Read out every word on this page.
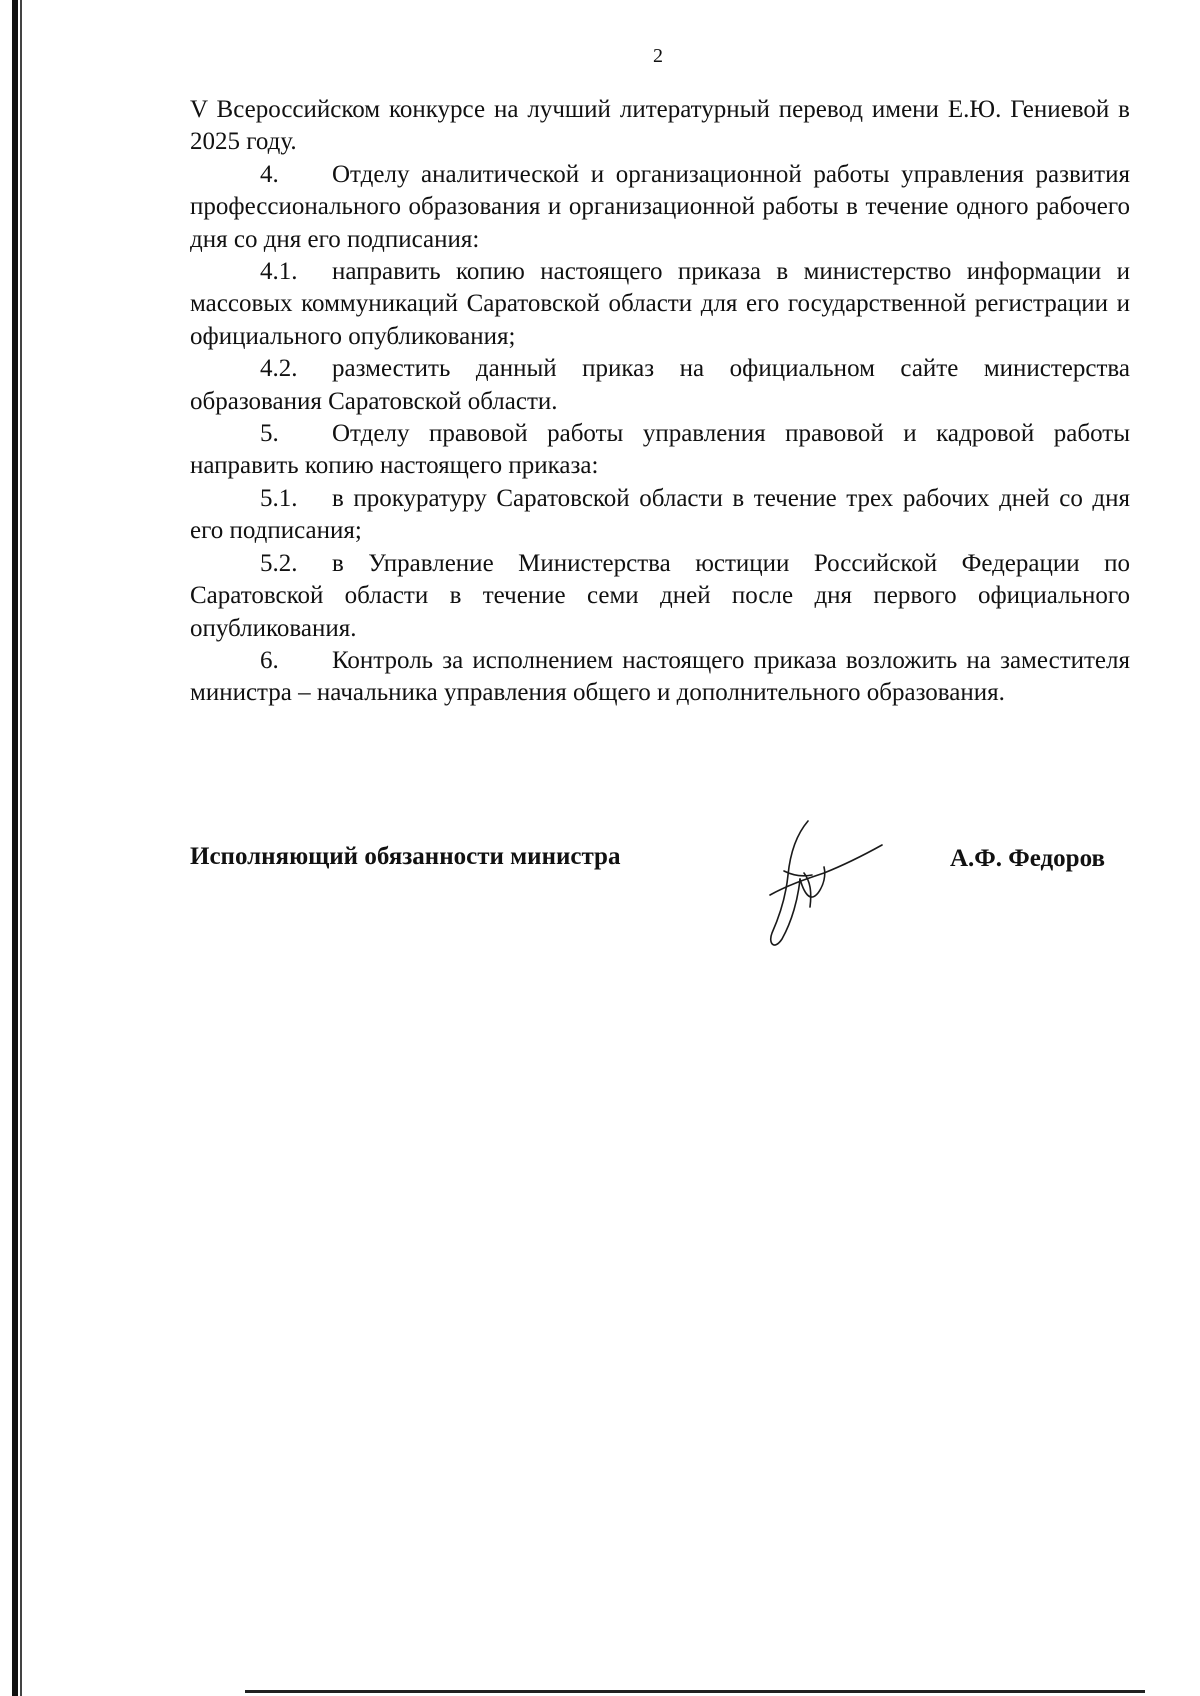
2

V Всероссийском конкурсе на лучший литературный перевод имени Е.Ю. Гениевой в 2025 году.

4. Отделу аналитической и организационной работы управления развития профессионального образования и организационной работы в течение одного рабочего дня со дня его подписания:

4.1. направить копию настоящего приказа в министерство информации и массовых коммуникаций Саратовской области для его государственной регистрации и официального опубликования;

4.2. разместить данный приказ на официальном сайте министерства образования Саратовской области.

5. Отделу правовой работы управления правовой и кадровой работы направить копию настоящего приказа:

5.1. в прокуратуру Саратовской области в течение трех рабочих дней со дня его подписания;

5.2. в Управление Министерства юстиции Российской Федерации по Саратовской области в течение семи дней после дня первого официального опубликования.

6. Контроль за исполнением настоящего приказа возложить на заместителя министра – начальника управления общего и дополнительного образования.

Исполняющий обязанности министра	А.Ф. Федоров
